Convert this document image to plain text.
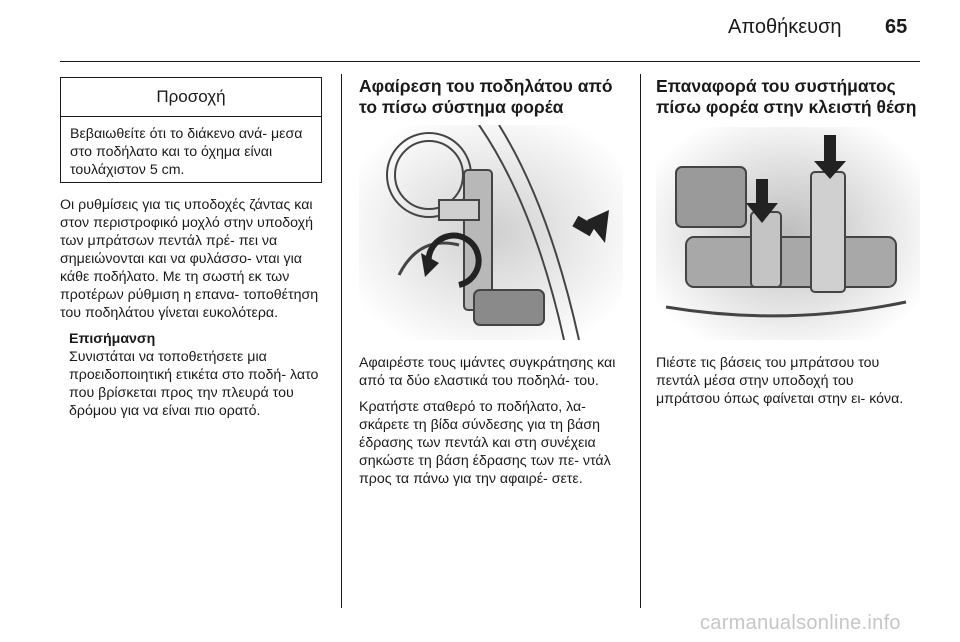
Αποθήκευση 65
Προσοχή
Βεβαιωθείτε ότι το διάκενο ανά- μεσα στο ποδήλατο και το όχημα είναι τουλάχιστον 5 cm.

Οι ρυθμίσεις για τις υποδοχές ζάντας και στον περιστροφικό μοχλό στην υποδοχή των μπράτσων πεντάλ πρέ- πει να σημειώνονται και να φυλάσσο- νται για κάθε ποδήλατο. Με τη σωστή εκ των προτέρων ρύθμιση η επανα- τοποθέτηση του ποδηλάτου γίνεται ευκολότερα.

Επισήμανση
Συνιστάται να τοποθετήσετε μια προειδοποιητική ετικέτα στο ποδή- λατο που βρίσκεται προς την πλευρά του δρόμου για να είναι πιο ορατό.
Αφαίρεση του ποδηλάτου από το πίσω σύστημα φορέα

Αφαιρέστε τους ιμάντες συγκράτησης και από τα δύο ελαστικά του ποδηλά- του.

Κρατήστε σταθερό το ποδήλατο, λα- σκάρετε τη βίδα σύνδεσης για τη βάση έδρασης των πεντάλ και στη συνέχεια σηκώστε τη βάση έδρασης των πε- ντάλ προς τα πάνω για την αφαιρέ- σετε.

Επαναφορά του συστήματος πίσω φορέα στην κλειστή θέση

Πιέστε τις βάσεις του μπράτσου του πεντάλ μέσα στην υποδοχή του μπράτσου όπως φαίνεται στην ει- κόνα.

carmanualsonline.info
